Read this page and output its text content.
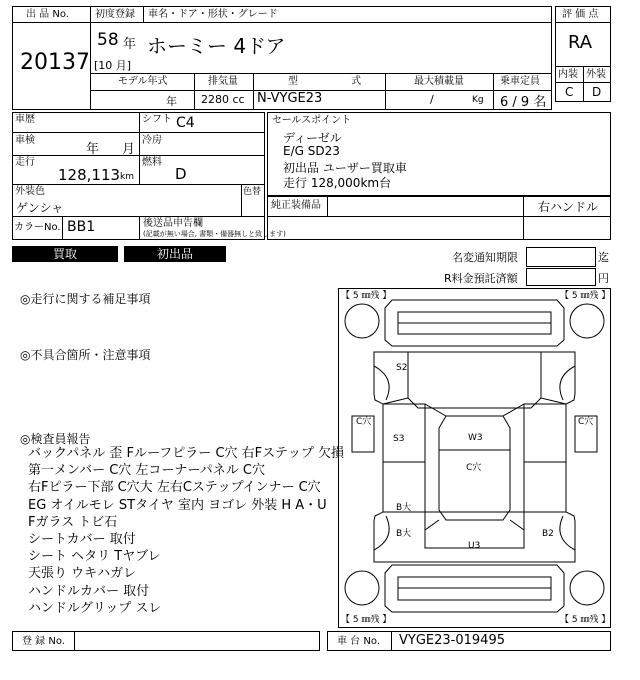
出 品 No.
20137
初度登録 車名・ドア・形状・グレード
58 年
[10 月]
ホーミー 4ドア
モデル年式	排気量	型 式	最大積載量	乗車定員
年 2280 cc N-VYGE23	/	Kg 6 / 9 名
評 価 点
RA
内装 外装
C D
車歴	シフト C4
車検
年 月
冷房
走行
128,113 km
燃料
D
外装色
ゲンシャ
色替
カラーNo. BB1	後送品申告欄
(記載が無い場合, 書類・備器無しと致します)
セールスポイント
ディーゼル
E/G SD23
初出品 ユーザー買取車
走行 128,000km台
純正装備品	右ハンドル
買取	初出品	名変通知期限	迄
R料金預託済額	円
◎走行に関する補足事項
◎不具合箇所・注意事項
◎検査員報告
バックパネル 歪 Fルーフピラー C穴 右Fステップ 欠損
第一メンバー C穴 左コーナーパネル C穴
右Fピラー下部 C穴大 左右Cステップインナー C穴
EG オイルモレ STタイヤ 室内 ヨゴレ 外装 H A・U
Fガラス トビ石
シートカバー 取付
シート ヘタリ Tヤブレ
天張り ウキハガレ
ハンドルカバー 取付
ハンドルグリップ スレ
【 5 ㎜残 】	【 5 ㎜残 】
【 5 ㎜残 】	【 5 ㎜残 】
S2
C穴	C穴
S3	W3
C穴
B大
B大
U3
B2
登 録 No.	車 台 No. VYGE23-019495
